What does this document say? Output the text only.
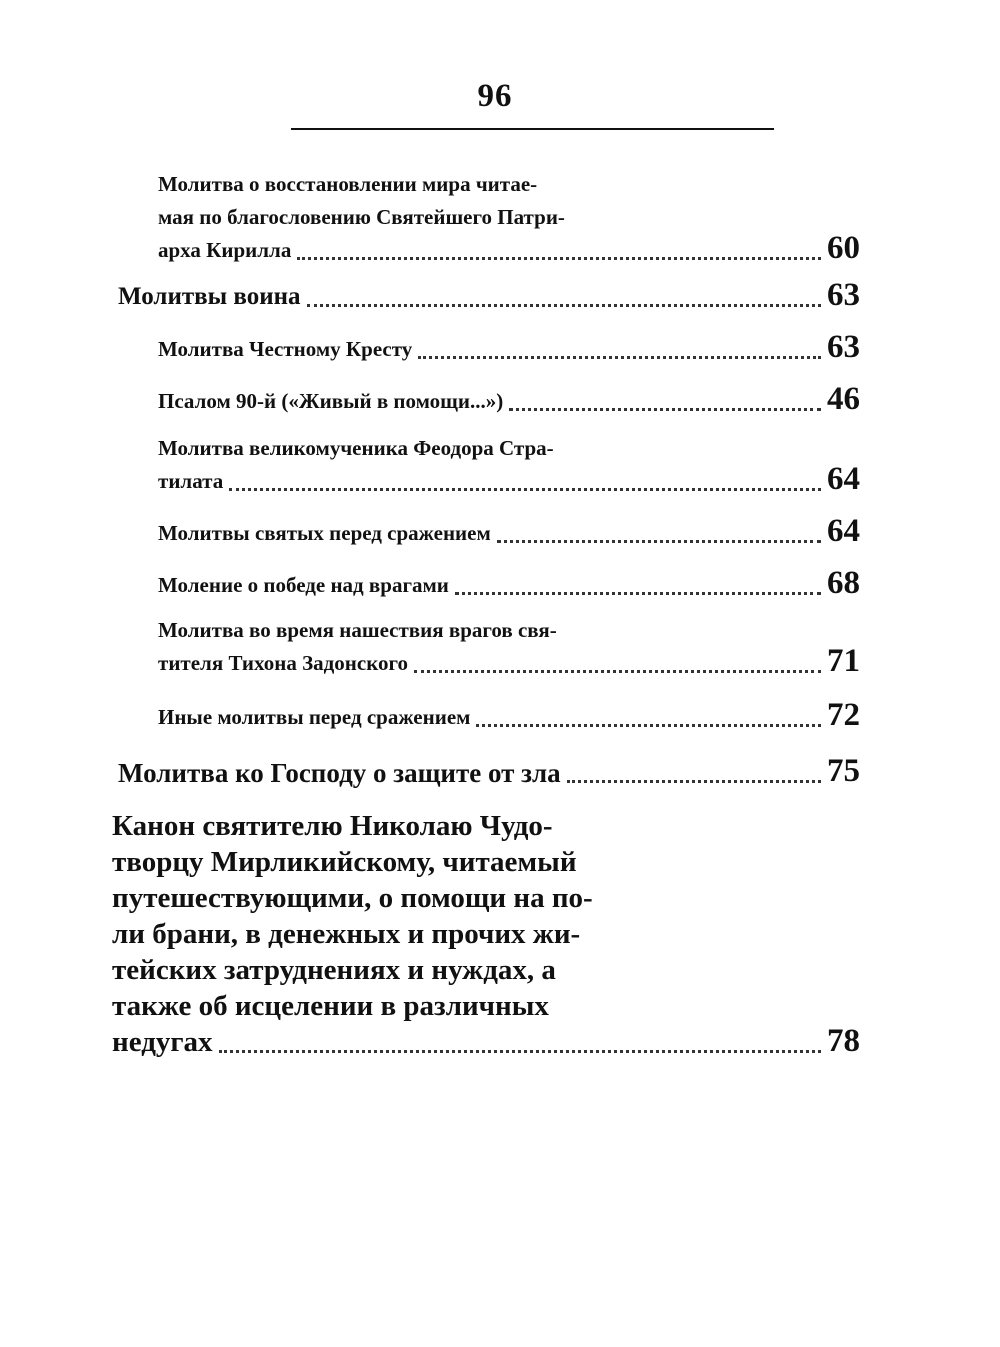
96
Молитва о восстановлении мира читае-
мая по благословению Святейшего Патри-
арха Кирилла	60
Молитвы воина	63
Молитва Честному Кресту	63
Псалом 90-й («Живый в помощи...»)	46
Молитва великомученика Феодора Стра-
тилата	64
Молитвы святых перед сражением	64
Моление о победе над врагами	68
Молитва во время нашествия врагов свя-
тителя Тихона Задонского	71
Иные молитвы перед сражением	72
Молитва ко Господу о защите от зла	75
Канон святителю Николаю Чудо-
творцу Мирликийскому, читаемый
путешествующими, о помощи на по-
ли брани, в денежных и прочих жи-
тейских затруднениях и нуждах, а
также об исцелении в различных
недугах	78
